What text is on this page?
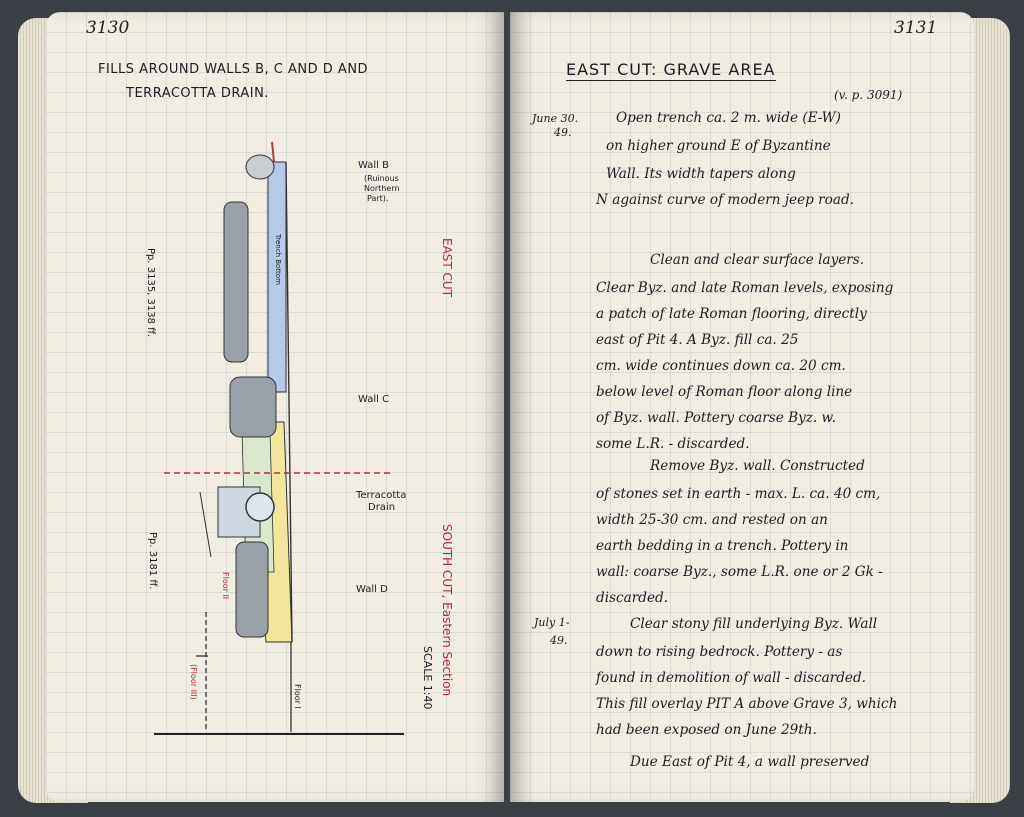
3130
FILLS AROUND WALLS B, C AND D AND
TERRACOTTA DRAIN.
Wall B
(Ruinous
Northern
Part).
Wall C
Terracotta
Drain
Wall D
EAST CUT
SOUTH CUT, Eastern Section
SCALE 1:40
Pp. 3135, 3138 ff.
Pp. 3181 ff.	Floor II
(Floor III)	Floor I
Trench Bottom
3131
EAST CUT: GRAVE AREA
(v. p. 3091)
June 30.
49.
Open trench ca. 2 m. wide (E-W)
on higher ground E of Byzantine
Wall. Its width tapers along
N against curve of modern jeep road.
Clean and clear surface layers.
Clear Byz. and late Roman levels, exposing
a patch of late Roman flooring, directly
east of Pit 4. A Byz. fill ca. 25
cm. wide continues down ca. 20 cm.
below level of Roman floor along line
of Byz. wall. Pottery coarse Byz. w.
some L.R. - discarded.
Remove Byz. wall. Constructed
of stones set in earth - max. L. ca. 40 cm,
width 25-30 cm. and rested on an
earth bedding in a trench. Pottery in
wall: coarse Byz., some L.R. one or 2 Gk -
discarded.
July 1-
49.
Clear stony fill underlying Byz. Wall
down to rising bedrock. Pottery - as
found in demolition of wall - discarded.
This fill overlay PIT A above Grave 3, which
had been exposed on June 29th.
Due East of Pit 4, a wall preserved
